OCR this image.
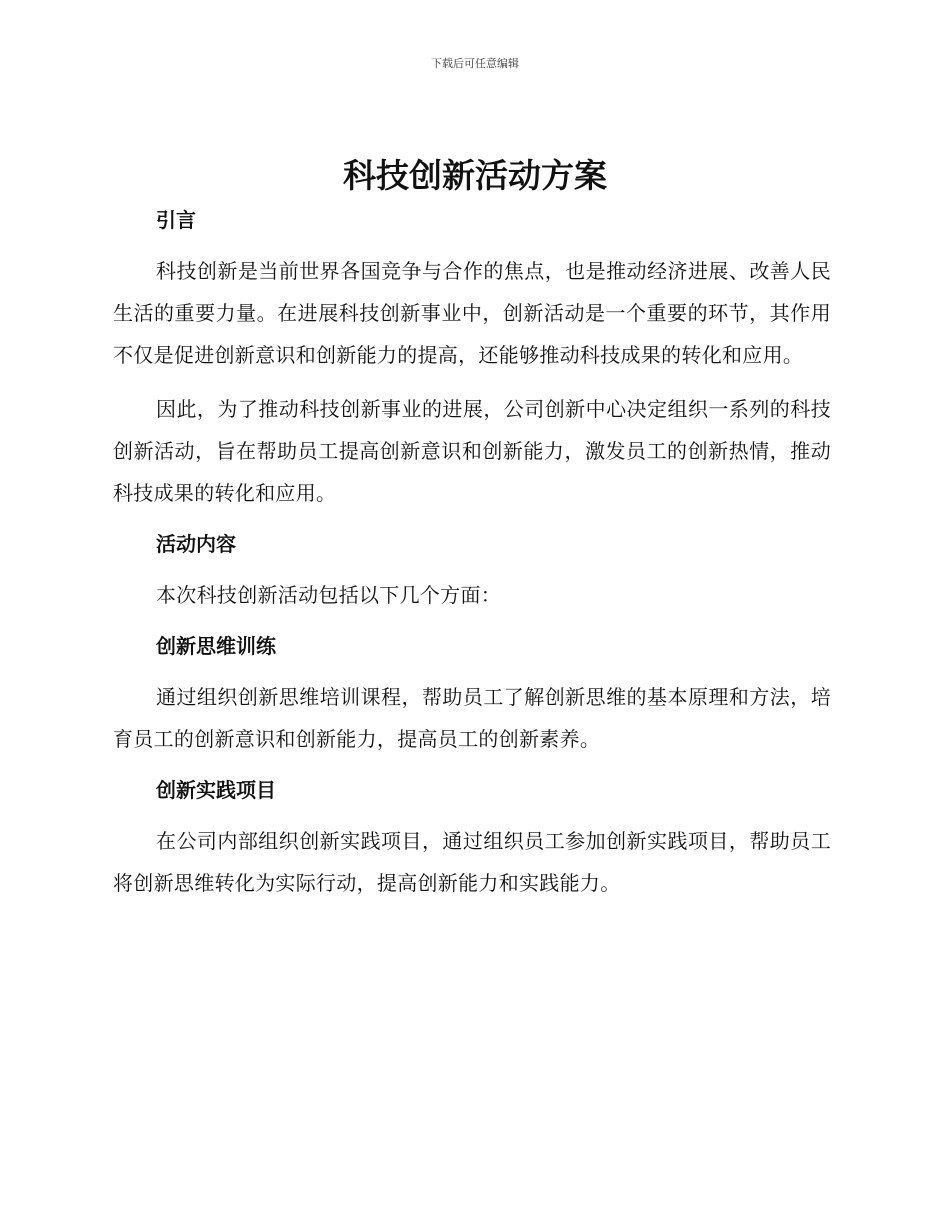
下载后可任意编辑
科技创新活动方案
引言

科技创新是当前世界各国竞争与合作的焦点，也是推动经济进展、改善人民生活的重要力量。在进展科技创新事业中，创新活动是一个重要的环节，其作用不仅是促进创新意识和创新能力的提高，还能够推动科技成果的转化和应用。

因此，为了推动科技创新事业的进展，公司创新中心决定组织一系列的科技创新活动，旨在帮助员工提高创新意识和创新能力，激发员工的创新热情，推动科技成果的转化和应用。

活动内容

本次科技创新活动包括以下几个方面：

创新思维训练

通过组织创新思维培训课程，帮助员工了解创新思维的基本原理和方法，培育员工的创新意识和创新能力，提高员工的创新素养。

创新实践项目

在公司内部组织创新实践项目，通过组织员工参加创新实践项目，帮助员工将创新思维转化为实际行动，提高创新能力和实践能力。
